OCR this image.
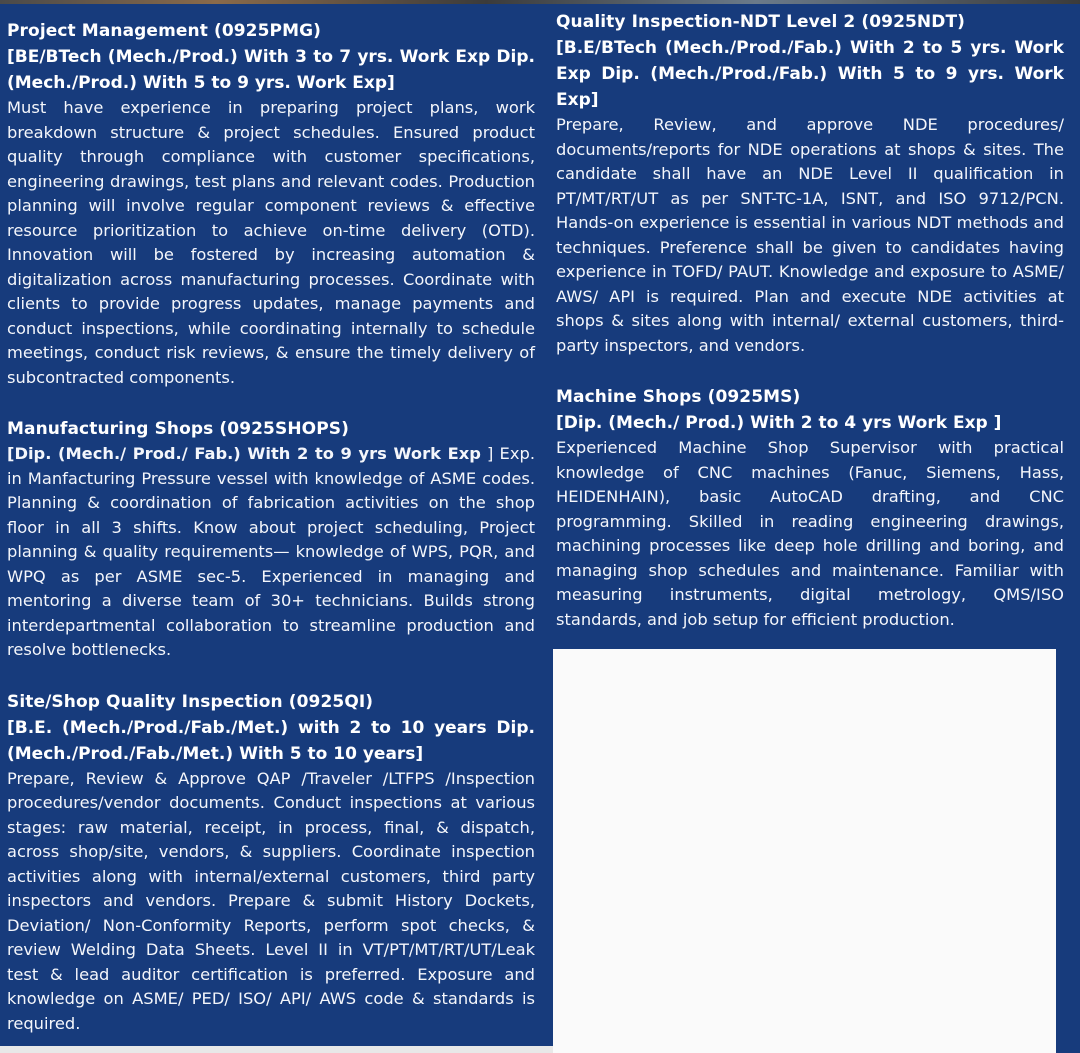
Project Management (0925PMG)

[BE/BTech (Mech./Prod.) With 3 to 7 yrs. Work Exp Dip. (Mech./Prod.) With 5 to 9 yrs. Work Exp]

Must have experience in preparing project plans, work breakdown structure & project schedules. Ensured product quality through compliance with customer specifications, engineering drawings, test plans and relevant codes. Production planning will involve regular component reviews & effective resource prioritization to achieve on-time delivery (OTD). Innovation will be fostered by increasing automation & digitalization across manufacturing processes. Coordinate with clients to provide progress updates, manage payments and conduct inspections, while coordinating internally to schedule meetings, conduct risk reviews, & ensure the timely delivery of subcontracted components.

Manufacturing Shops (0925SHOPS)

[Dip. (Mech./ Prod./ Fab.) With 2 to 9 yrs Work Exp ] Exp. in Manfacturing Pressure vessel with knowledge of ASME codes. Planning & coordination of fabrication activities on the shop floor in all 3 shifts. Know about project scheduling, Project planning & quality requirements— knowledge of WPS, PQR, and WPQ as per ASME sec-5. Experienced in managing and mentoring a diverse team of 30+ technicians. Builds strong interdepartmental collaboration to streamline production and resolve bottlenecks.

Site/Shop Quality Inspection (0925QI)

[B.E. (Mech./Prod./Fab./Met.) with 2 to 10 years Dip. (Mech./Prod./Fab./Met.) With 5 to 10 years]

Prepare, Review & Approve QAP /Traveler /LTFPS /Inspection procedures/vendor documents. Conduct inspections at various stages: raw material, receipt, in process, final, & dispatch, across shop/site, vendors, & suppliers. Coordinate inspection activities along with internal/external customers, third party inspectors and vendors. Prepare & submit History Dockets, Deviation/ Non-Conformity Reports, perform spot checks, & review Welding Data Sheets. Level II in VT/PT/MT/RT/UT/Leak test & lead auditor certification is preferred. Exposure and knowledge on ASME/ PED/ ISO/ API/ AWS code & standards is required.

Quality Inspection-NDT Level 2 (0925NDT)

[B.E/BTech (Mech./Prod./Fab.) With 2 to 5 yrs. Work Exp Dip. (Mech./Prod./Fab.) With 5 to 9 yrs. Work Exp]

Prepare, Review, and approve NDE procedures/ documents/reports for NDE operations at shops & sites. The candidate shall have an NDE Level II qualification in PT/MT/RT/UT as per SNT-TC-1A, ISNT, and ISO 9712/PCN. Hands-on experience is essential in various NDT methods and techniques. Preference shall be given to candidates having experience in TOFD/ PAUT. Knowledge and exposure to ASME/ AWS/ API is required. Plan and execute NDE activities at shops & sites along with internal/ external customers, third-party inspectors, and vendors.

Machine Shops (0925MS)

[Dip. (Mech./ Prod.) With 2 to 4 yrs Work Exp ]

Experienced Machine Shop Supervisor with practical knowledge of CNC machines (Fanuc, Siemens, Hass, HEIDENHAIN), basic AutoCAD drafting, and CNC programming. Skilled in reading engineering drawings, machining processes like deep hole drilling and boring, and managing shop schedules and maintenance. Familiar with measuring instruments, digital metrology, QMS/ISO standards, and job setup for efficient production.
